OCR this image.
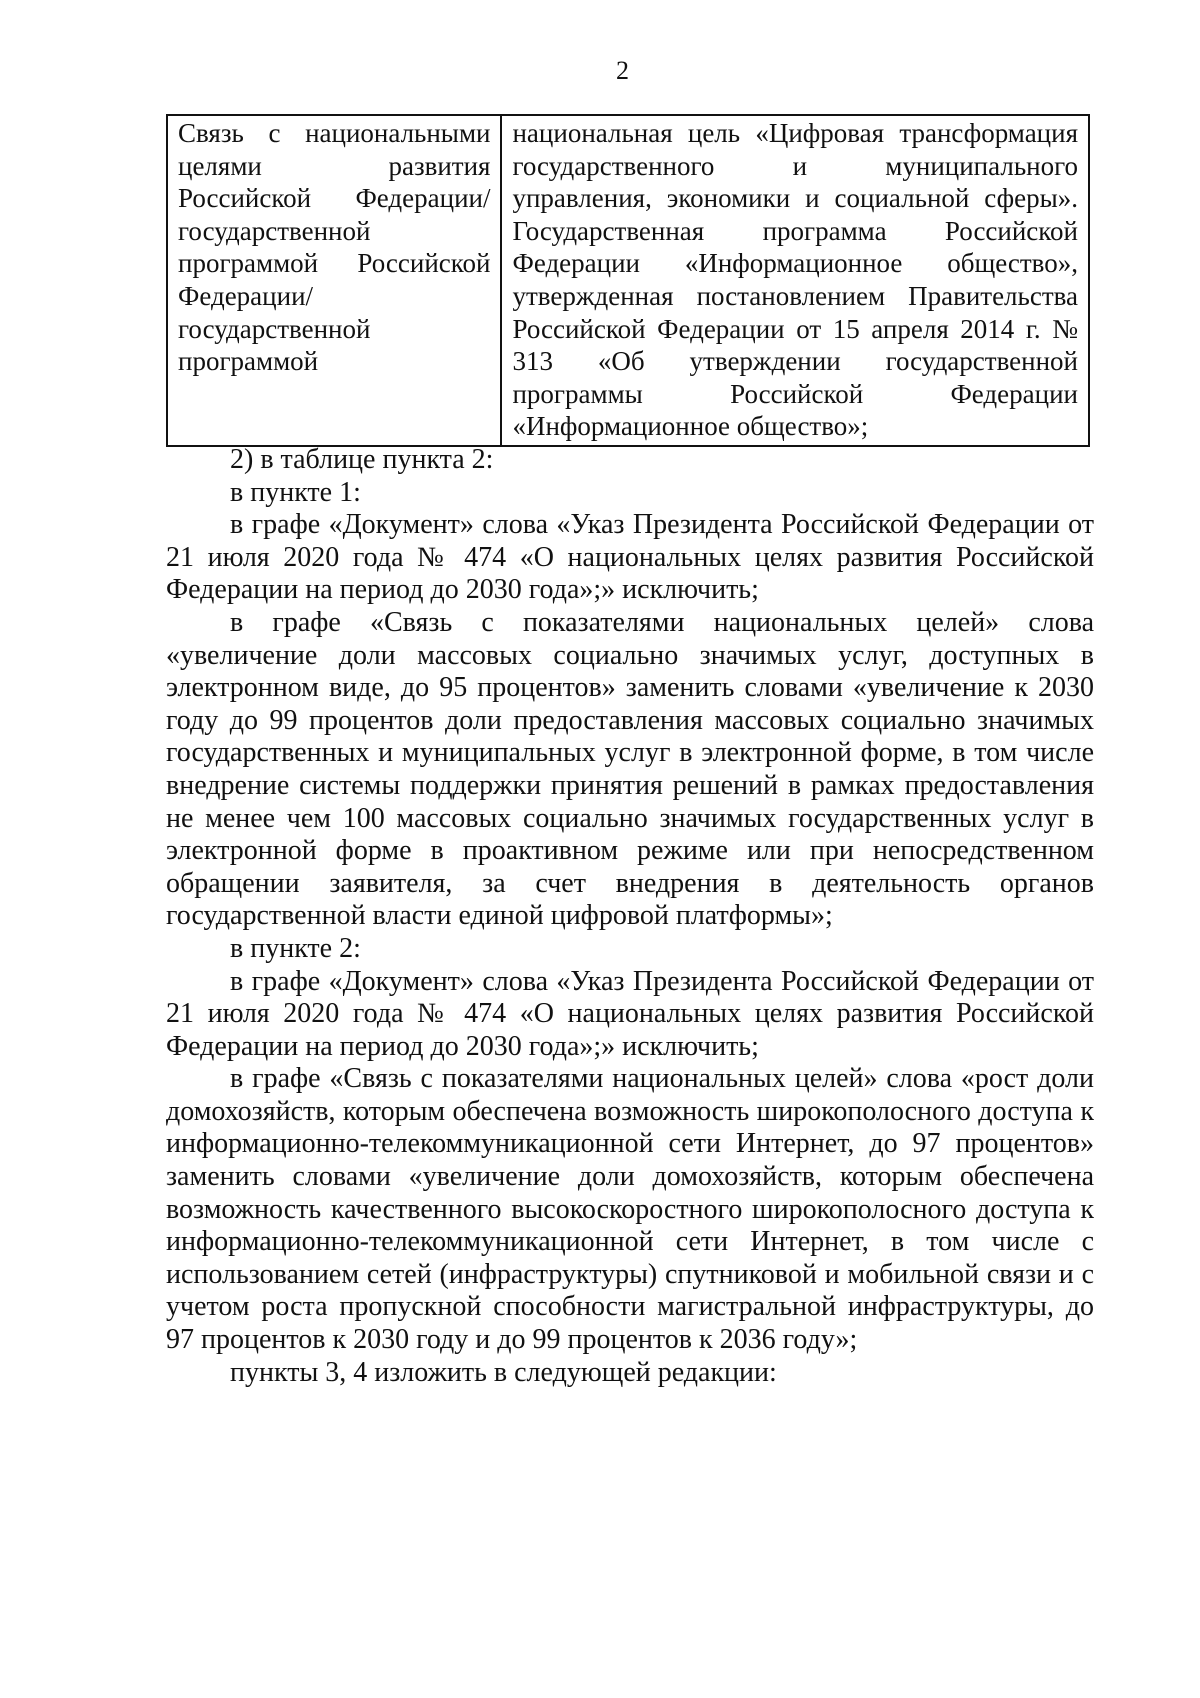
2
Связь с национальными целями развития Российской Федерации/ государственной программой Российской Федерации/ государственной программой	национальная цель «Цифровая трансформация государственного и муниципального управления, экономики и социальной сферы». Государственная программа Российской Федерации «Информационное общество», утвержденная постановлением Правительства Российской Федерации от 15 апреля 2014 г. № 313 «Об утверждении государственной программы Российской Федерации «Информационное общество»;

2) в таблице пункта 2:

в пункте 1:

в графе «Документ» слова «Указ Президента Российской Федерации от 21 июля 2020 года № 474 «О национальных целях развития Российской Федерации на период до 2030 года»;» исключить;

в графе «Связь с показателями национальных целей» слова «увеличение доли массовых социально значимых услуг, доступных в электронном виде, до 95 процентов» заменить словами «увеличение к 2030 году до 99 процентов доли предоставления массовых социально значимых государственных и муниципальных услуг в электронной форме, в том числе внедрение системы поддержки принятия решений в рамках предоставления не менее чем 100 массовых социально значимых государственных услуг в электронной форме в проактивном режиме или при непосредственном обращении заявителя, за счет внедрения в деятельность органов государственной власти единой цифровой платформы»;

в пункте 2:

в графе «Документ» слова «Указ Президента Российской Федерации от 21 июля 2020 года № 474 «О национальных целях развития Российской Федерации на период до 2030 года»;» исключить;

в графе «Связь с показателями национальных целей» слова «рост доли домохозяйств, которым обеспечена возможность широкополосного доступа к информационно-телекоммуникационной сети Интернет, до 97 процентов» заменить словами «увеличение доли домохозяйств, которым обеспечена возможность качественного высокоскоростного широкополосного доступа к информационно-телекоммуникационной сети Интернет, в том числе с использованием сетей (инфраструктуры) спутниковой и мобильной связи и с учетом роста пропускной способности магистральной инфраструктуры, до 97 процентов к 2030 году и до 99 процентов к 2036 году»;

пункты 3, 4 изложить в следующей редакции:
